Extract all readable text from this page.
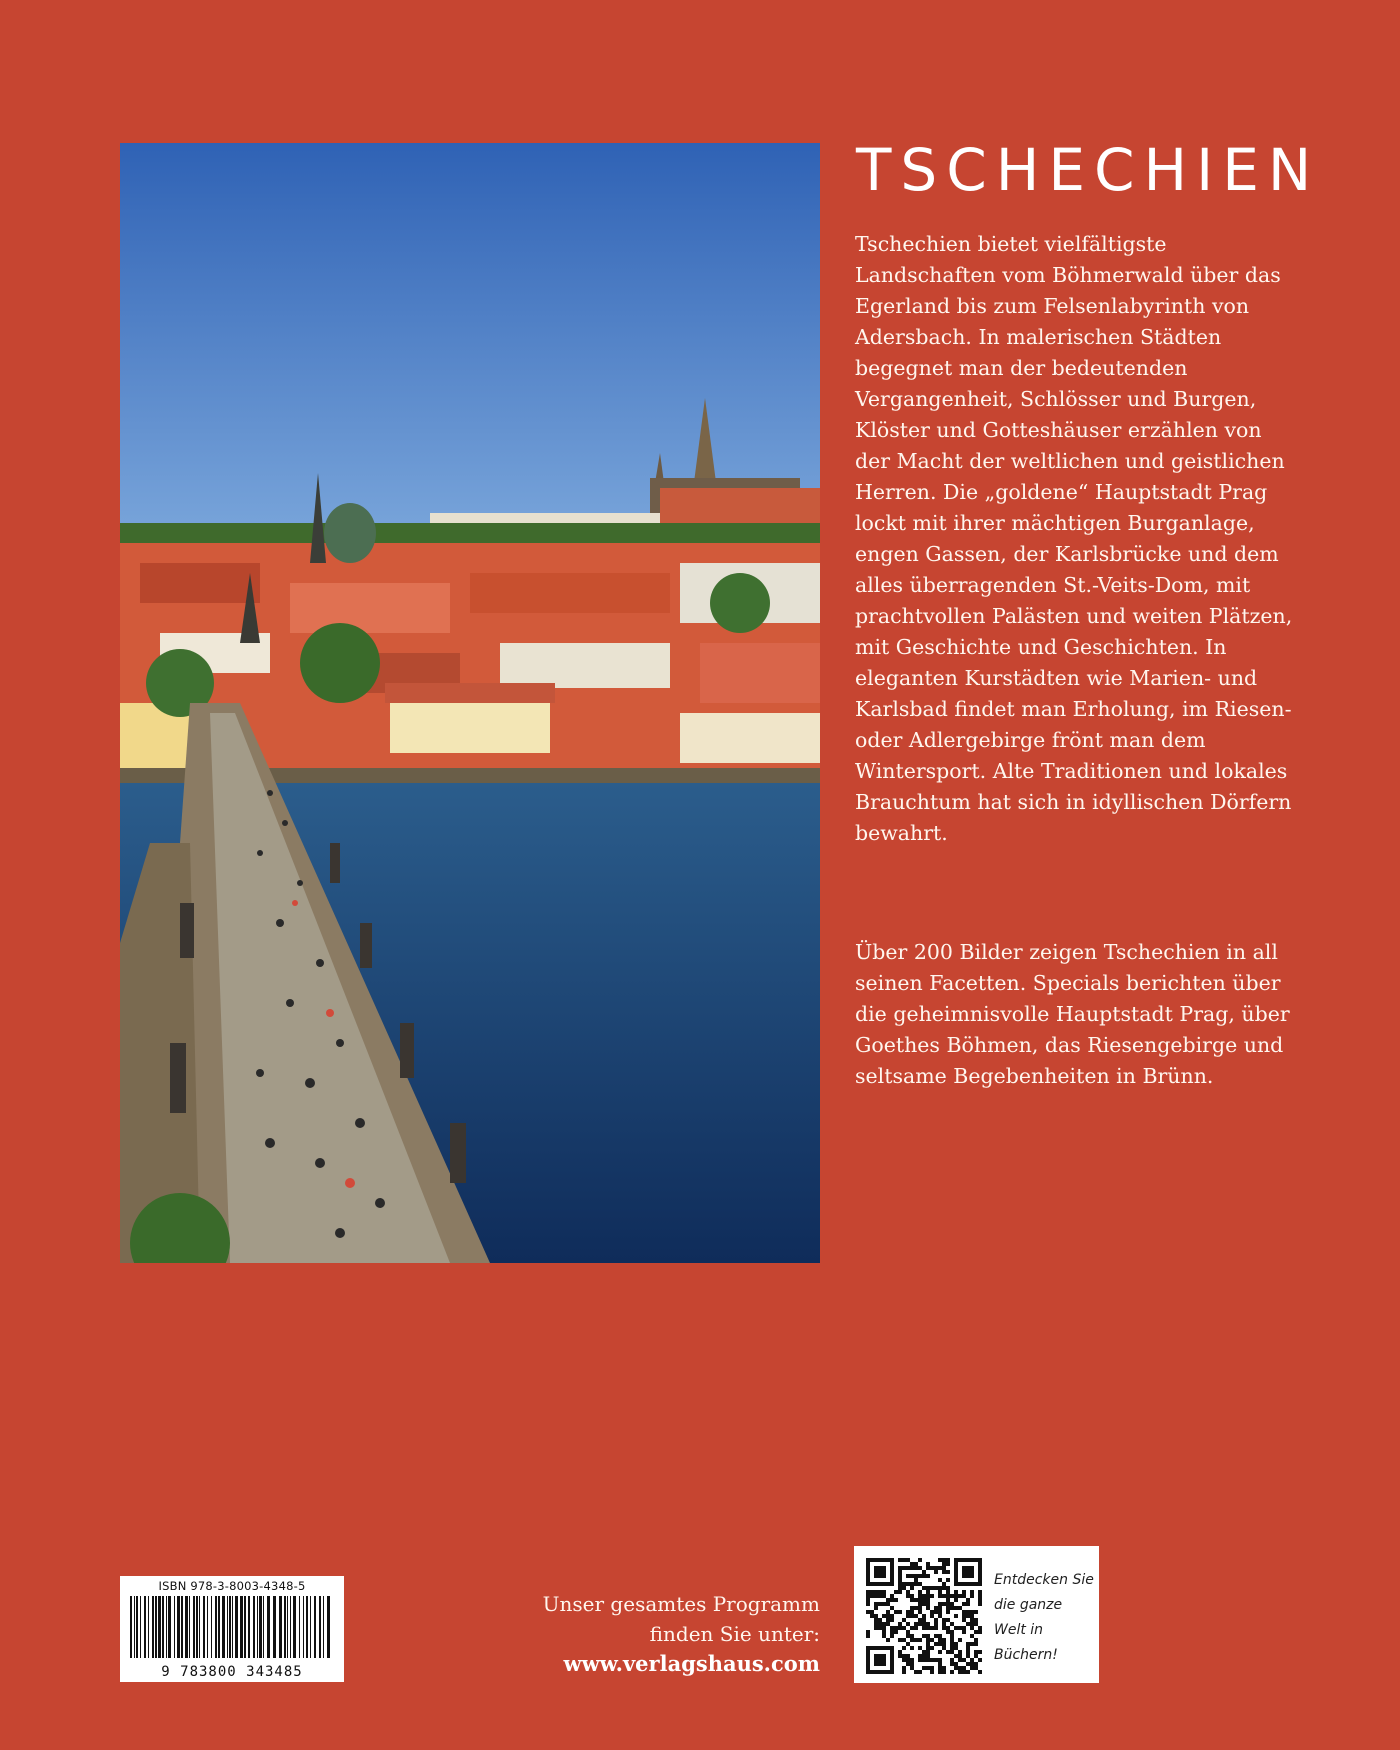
TSCHECHIEN

Tschechien bietet vielfältigste Landschaften vom Böhmerwald über das Egerland bis zum Felsenlabyrinth von Adersbach. In malerischen Städten begegnet man der bedeutenden Vergangenheit, Schlösser und Burgen, Klöster und Gotteshäuser erzählen von der Macht der weltlichen und geistlichen Herren. Die „goldene“ Hauptstadt Prag lockt mit ihrer mächtigen Burganlage, engen Gassen, der Karlsbrücke und dem alles überragenden St.-Veits-Dom, mit prachtvollen Palästen und weiten Plätzen, mit Geschichte und Geschichten. In eleganten Kurstädten wie Marien- und Karlsbad findet man Erholung, im Riesen- oder Adlergebirge frönt man dem Wintersport. Alte Traditionen und lokales Brauchtum hat sich in idyllischen Dörfern bewahrt.

Über 200 Bilder zeigen Tschechien in all seinen Facetten. Specials berichten über die geheimnisvolle Hauptstadt Prag, über Goethes Böhmen, das Riesengebirge und seltsame Begebenheiten in Brünn.

ISBN 978-3-8003-4348-5
9 783800 343485
Unser gesamtes Programm
finden Sie unter:
www.verlagshaus.com
Entdecken Sie die ganze Welt in Büchern!
